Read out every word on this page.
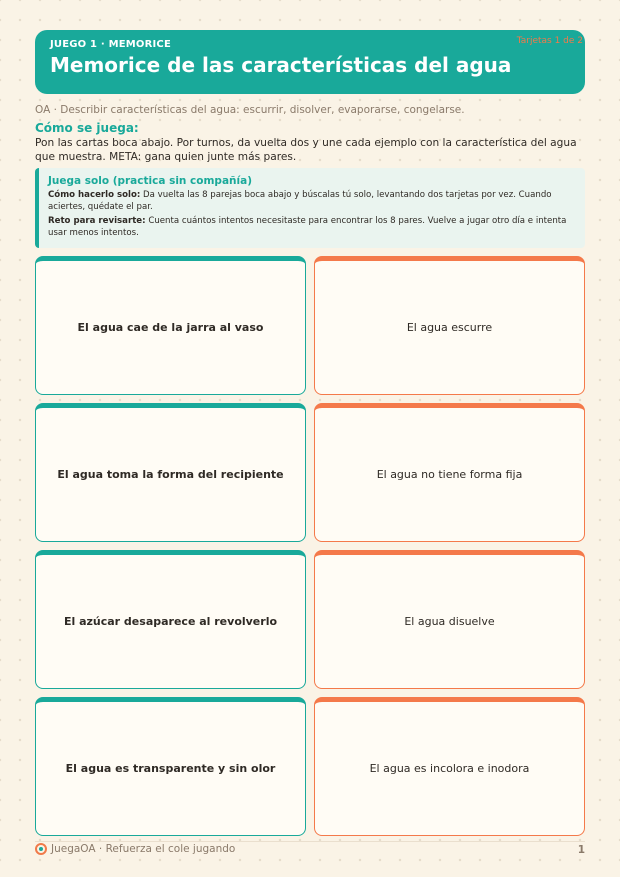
JUEGO 1 · MEMORICE
Memorice de las características del agua
Tarjetas 1 de 2
OA · Describir características del agua: escurrir, disolver, evaporarse, congelarse.
Cómo se juega:
Pon las cartas boca abajo. Por turnos, da vuelta dos y une cada ejemplo con la característica del agua que muestra. META: gana quien junte más pares.
Juega solo (practica sin compañía)

Cómo hacerlo solo: Da vuelta las 8 parejas boca abajo y búscalas tú solo, levantando dos tarjetas por vez. Cuando aciertes, quédate el par.

Reto para revisarte: Cuenta cuántos intentos necesitaste para encontrar los 8 pares. Vuelve a jugar otro día e intenta usar menos intentos.

El agua cae de la jarra al vaso	El agua escurre
El agua toma la forma del recipiente	El agua no tiene forma fija
El azúcar desaparece al revolverlo	El agua disuelve
El agua es transparente y sin olor	El agua es incolora e inodora
JuegaOA · Refuerza el cole jugando	1
